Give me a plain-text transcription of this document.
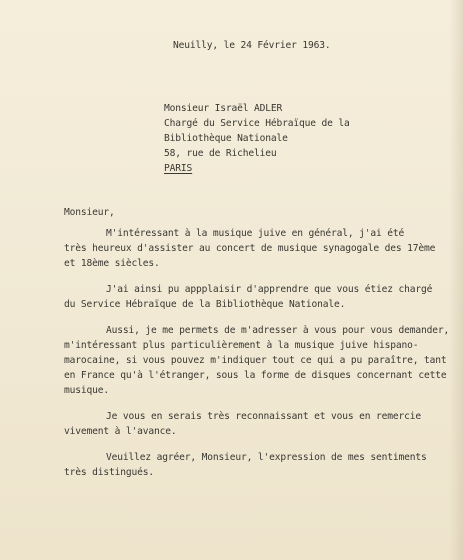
Neuilly, le 24 Février 1963.
Monsieur Israël ADLER
Chargé du Service Hébraïque de la
Bibliothèque Nationale
58, rue de Richelieu
PARIS
Monsieur,
M'intéressant à la musique juive en général, j'ai été
très heureux d'assister au concert de musique synagogale des 17ème
et 18ème siècles.
J'ai ainsi pu appplaisir d'apprendre que vous étiez chargé
du Service Hébraïque de la Bibliothèque Nationale.
Aussi, je me permets de m'adresser à vous pour vous demander,
m'intéressant plus particulièrement à la musique juive hispano-
marocaine, si vous pouvez m'indiquer tout ce qui a pu paraître, tant
en France qu'à l'étranger, sous la forme de disques concernant cette
musique.
Je vous en serais très reconnaissant et vous en remercie
vivement à l'avance.
Veuillez agréer, Monsieur, l'expression de mes sentiments
très distingués.
